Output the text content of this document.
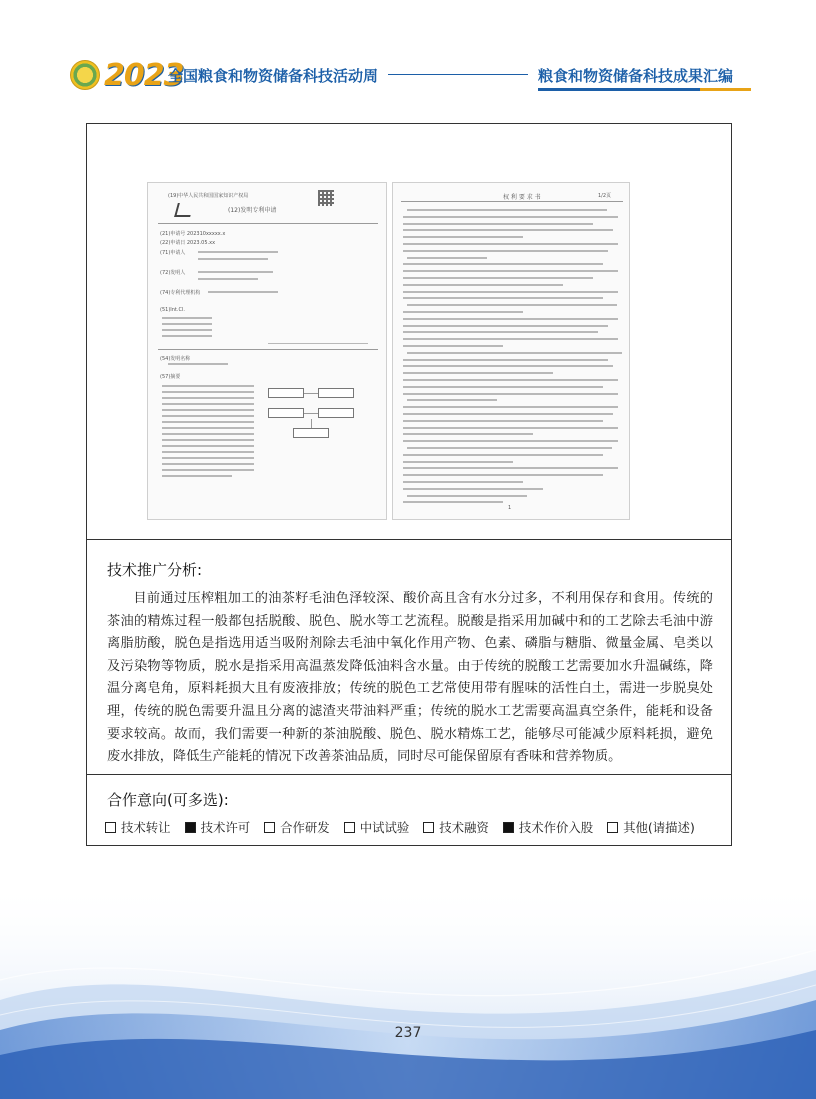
2023
全国粮食和物资储备科技活动周	粮食和物资储备科技成果汇编
(19)中华人民共和国国家知识产权局
(12)发明专利申请
(21)申请号 202310xxxxx.x
(22)申请日 2023.05.xx
(71)申请人
(72)发明人
(74)专利代理机构
(51)Int.Cl.
(54)发明名称
(57)摘要
权 利 要 求 书	1/2页
1
技术推广分析:

目前通过压榨粗加工的油茶籽毛油色泽较深、酸价高且含有水分过多，不利用保存和食用。传统的茶油的精炼过程一般都包括脱酸、脱色、脱水等工艺流程。脱酸是指采用加碱中和的工艺除去毛油中游离脂肪酸，脱色是指选用适当吸附剂除去毛油中氧化作用产物、色素、磷脂与糖脂、微量金属、皂类以及污染物等物质，脱水是指采用高温蒸发降低油料含水量。由于传统的脱酸工艺需要加水升温碱练，降温分离皂角，原料耗损大且有废液排放；传统的脱色工艺常使用带有腥味的活性白土，需进一步脱臭处理，传统的脱色需要升温且分离的滤渣夹带油料严重；传统的脱水工艺需要高温真空条件，能耗和设备要求较高。故而，我们需要一种新的茶油脱酸、脱色、脱水精炼工艺，能够尽可能减少原料耗损，避免废水排放，降低生产能耗的情况下改善茶油品质，同时尽可能保留原有香味和营养物质。

合作意向(可多选):
技术转让 技术许可 合作研发 中试试验 技术融资 技术作价入股 其他(请描述)
237
